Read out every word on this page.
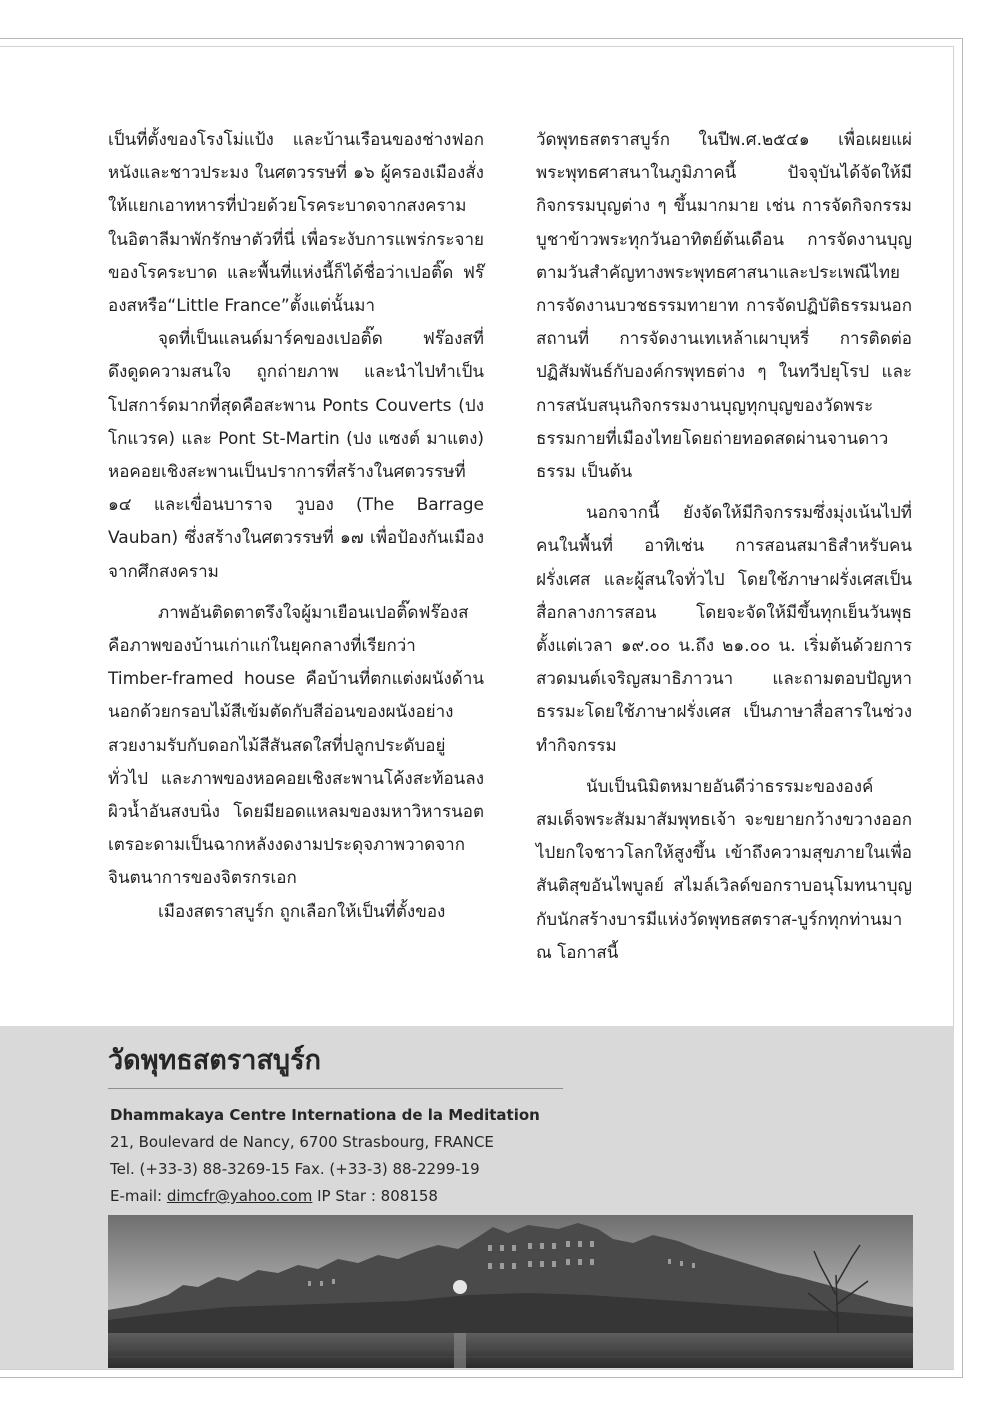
เป็นที่ตั้งของโรงโม่แป้ง และบ้านเรือนของช่างฟอกหนังและชาวประมง ในศตวรรษที่ ๑๖ ผู้ครองเมืองสั่งให้แยกเอาทหารที่ป่วยด้วยโรคระบาดจากสงครามในอิตาลีมาพักรักษาตัวที่นี่ เพื่อระงับการแพร่กระจายของโรคระบาด และพื้นที่แห่งนี้ก็ได้ชื่อว่าเปอติ๊ด ฟร๊องสหรือ“Little France”ตั้งแต่นั้นมา

จุดที่เป็นแลนด์มาร์คของเปอติ๊ด ฟร๊องสที่ดึงดูดความสนใจ ถูกถ่ายภาพ และนำไปทำเป็นโปสการ์ดมากที่สุดคือสะพาน Ponts Couverts (ปงโกแวรค) และ Pont St-Martin (ปง แซงต์ มาแตง) หอคอยเชิงสะพานเป็นปราการที่สร้างในศตวรรษที่ ๑๔ และเขื่อนบาราจ วูบอง (The Barrage Vauban) ซึ่งสร้างในศตวรรษที่ ๑๗ เพื่อป้องกันเมืองจากศึกสงคราม

ภาพอันติดตาตรึงใจผู้มาเยือนเปอติ๊ดฟร๊องส คือภาพของบ้านเก่าแก่ในยุคกลางที่เรียกว่า Timber-framed house คือบ้านที่ตกแต่งผนังด้านนอกด้วยกรอบไม้สีเข้มตัดกับสีอ่อนของผนังอย่างสวยงามรับกับดอกไม้สีสันสดใสที่ปลูกประดับอยู่ทั่วไป และภาพของหอคอยเชิงสะพานโค้งสะท้อนลงผิวน้ำอันสงบนิ่ง โดยมียอดแหลมของมหาวิหารนอตเตรอะดามเป็นฉากหลังงดงามประดุจภาพวาดจากจินตนาการของจิตรกรเอก

เมืองสตราสบูร์ก ถูกเลือกให้เป็นที่ตั้งของ

วัดพุทธสตราสบูร์ก ในปีพ.ศ.๒๕๔๑ เพื่อเผยแผ่พระพุทธศาสนาในภูมิภาคนี้ ปัจจุบันได้จัดให้มีกิจกรรมบุญต่าง ๆ ขึ้นมากมาย เช่น การจัดกิจกรรมบูชาข้าวพระทุกวันอาทิตย์ต้นเดือน การจัดงานบุญตามวันสำคัญทางพระพุทธศาสนาและประเพณีไทย การจัดงานบวชธรรมทายาท การจัดปฏิบัติธรรมนอกสถานที่ การจัดงานเทเหล้าเผาบุหรี่ การติดต่อปฏิสัมพันธ์กับองค์กรพุทธต่าง ๆ ในทวีปยุโรป และการสนับสนุนกิจกรรมงานบุญทุกบุญของวัดพระธรรมกายที่เมืองไทยโดยถ่ายทอดสดผ่านจานดาวธรรม เป็นต้น

นอกจากนี้ ยังจัดให้มีกิจกรรมซึ่งมุ่งเน้นไปที่คนในพื้นที่ อาทิเช่น การสอนสมาธิสำหรับคนฝรั่งเศส และผู้สนใจทั่วไป โดยใช้ภาษาฝรั่งเศสเป็นสื่อกลางการสอน โดยจะจัดให้มีขึ้นทุกเย็นวันพุธตั้งแต่เวลา ๑๙.๐๐ น.ถึง ๒๑.๐๐ น. เริ่มต้นด้วยการสวดมนต์เจริญสมาธิภาวนา และถามตอบปัญหาธรรมะโดยใช้ภาษาฝรั่งเศส เป็นภาษาสื่อสารในช่วงทำกิจกรรม

นับเป็นนิมิตหมายอันดีว่าธรรมะขององค์สมเด็จพระสัมมาสัมพุทธเจ้า จะขยายกว้างขวางออกไปยกใจชาวโลกให้สูงขึ้น เข้าถึงความสุขภายในเพื่อสันติสุขอันไพบูลย์ สไมล์เวิลด์ขอกราบอนุโมทนาบุญกับนักสร้างบารมีแห่งวัดพุทธสตราส-บูร์กทุกท่านมา ณ โอกาสนี้

วัดพุทธสตราสบูร์ก
Dhammakaya Centre Internationa de la Meditation
21, Boulevard de Nancy, 6700 Strasbourg, FRANCE
Tel. (+33-3) 88-3269-15 Fax. (+33-3) 88-2299-19
E-mail: dimcfr@yahoo.com IP Star : 808158
